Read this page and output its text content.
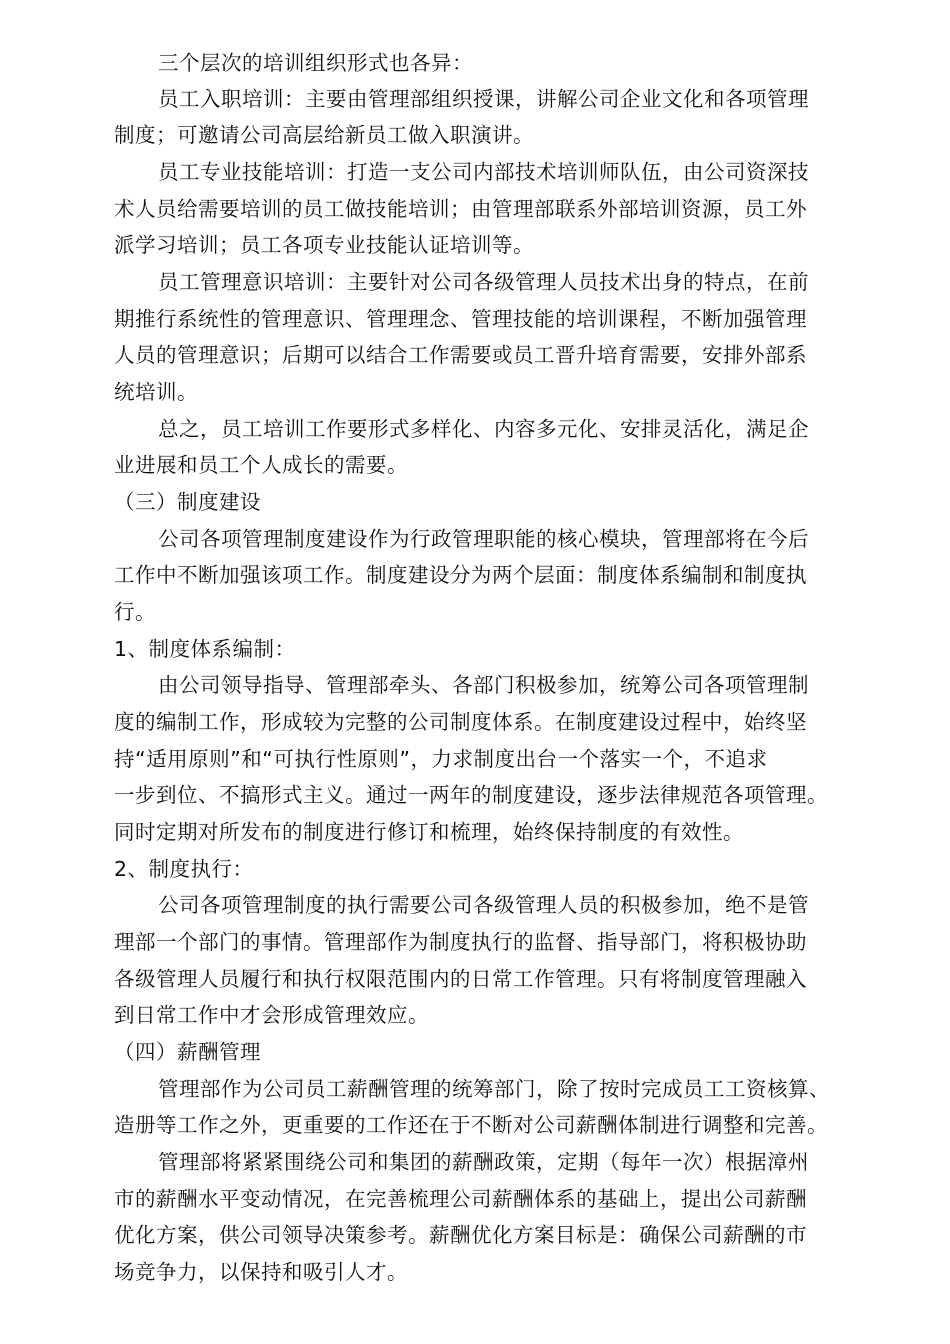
三个层次的培训组织形式也各异：
员工入职培训：主要由管理部组织授课，讲解公司企业文化和各项管理
制度；可邀请公司高层给新员工做入职演讲。
员工专业技能培训：打造一支公司内部技术培训师队伍，由公司资深技
术人员给需要培训的员工做技能培训；由管理部联系外部培训资源，员工外
派学习培训；员工各项专业技能认证培训等。
员工管理意识培训：主要针对公司各级管理人员技术出身的特点，在前
期推行系统性的管理意识、管理理念、管理技能的培训课程，不断加强管理
人员的管理意识；后期可以结合工作需要或员工晋升培育需要，安排外部系
统培训。
总之，员工培训工作要形式多样化、内容多元化、安排灵活化，满足企
业进展和员工个人成长的需要。
（三）制度建设
公司各项管理制度建设作为行政管理职能的核心模块，管理部将在今后
工作中不断加强该项工作。制度建设分为两个层面：制度体系编制和制度执
行。
1、制度体系编制：
由公司领导指导、管理部牵头、各部门积极参加，统筹公司各项管理制
度的编制工作，形成较为完整的公司制度体系。在制度建设过程中，始终坚
持“适用原则”和“可执行性原则”，力求制度出台一个落实一个，不追求
一步到位、不搞形式主义。通过一两年的制度建设，逐步法律规范各项管理。
同时定期对所发布的制度进行修订和梳理，始终保持制度的有效性。
2、制度执行：
公司各项管理制度的执行需要公司各级管理人员的积极参加，绝不是管
理部一个部门的事情。管理部作为制度执行的监督、指导部门，将积极协助
各级管理人员履行和执行权限范围内的日常工作管理。只有将制度管理融入
到日常工作中才会形成管理效应。
（四）薪酬管理
管理部作为公司员工薪酬管理的统筹部门，除了按时完成员工工资核算、
造册等工作之外，更重要的工作还在于不断对公司薪酬体制进行调整和完善。
管理部将紧紧围绕公司和集团的薪酬政策，定期（每年一次）根据漳州
市的薪酬水平变动情况，在完善梳理公司薪酬体系的基础上，提出公司薪酬
优化方案，供公司领导决策参考。薪酬优化方案目标是：确保公司薪酬的市
场竞争力，以保持和吸引人才。
